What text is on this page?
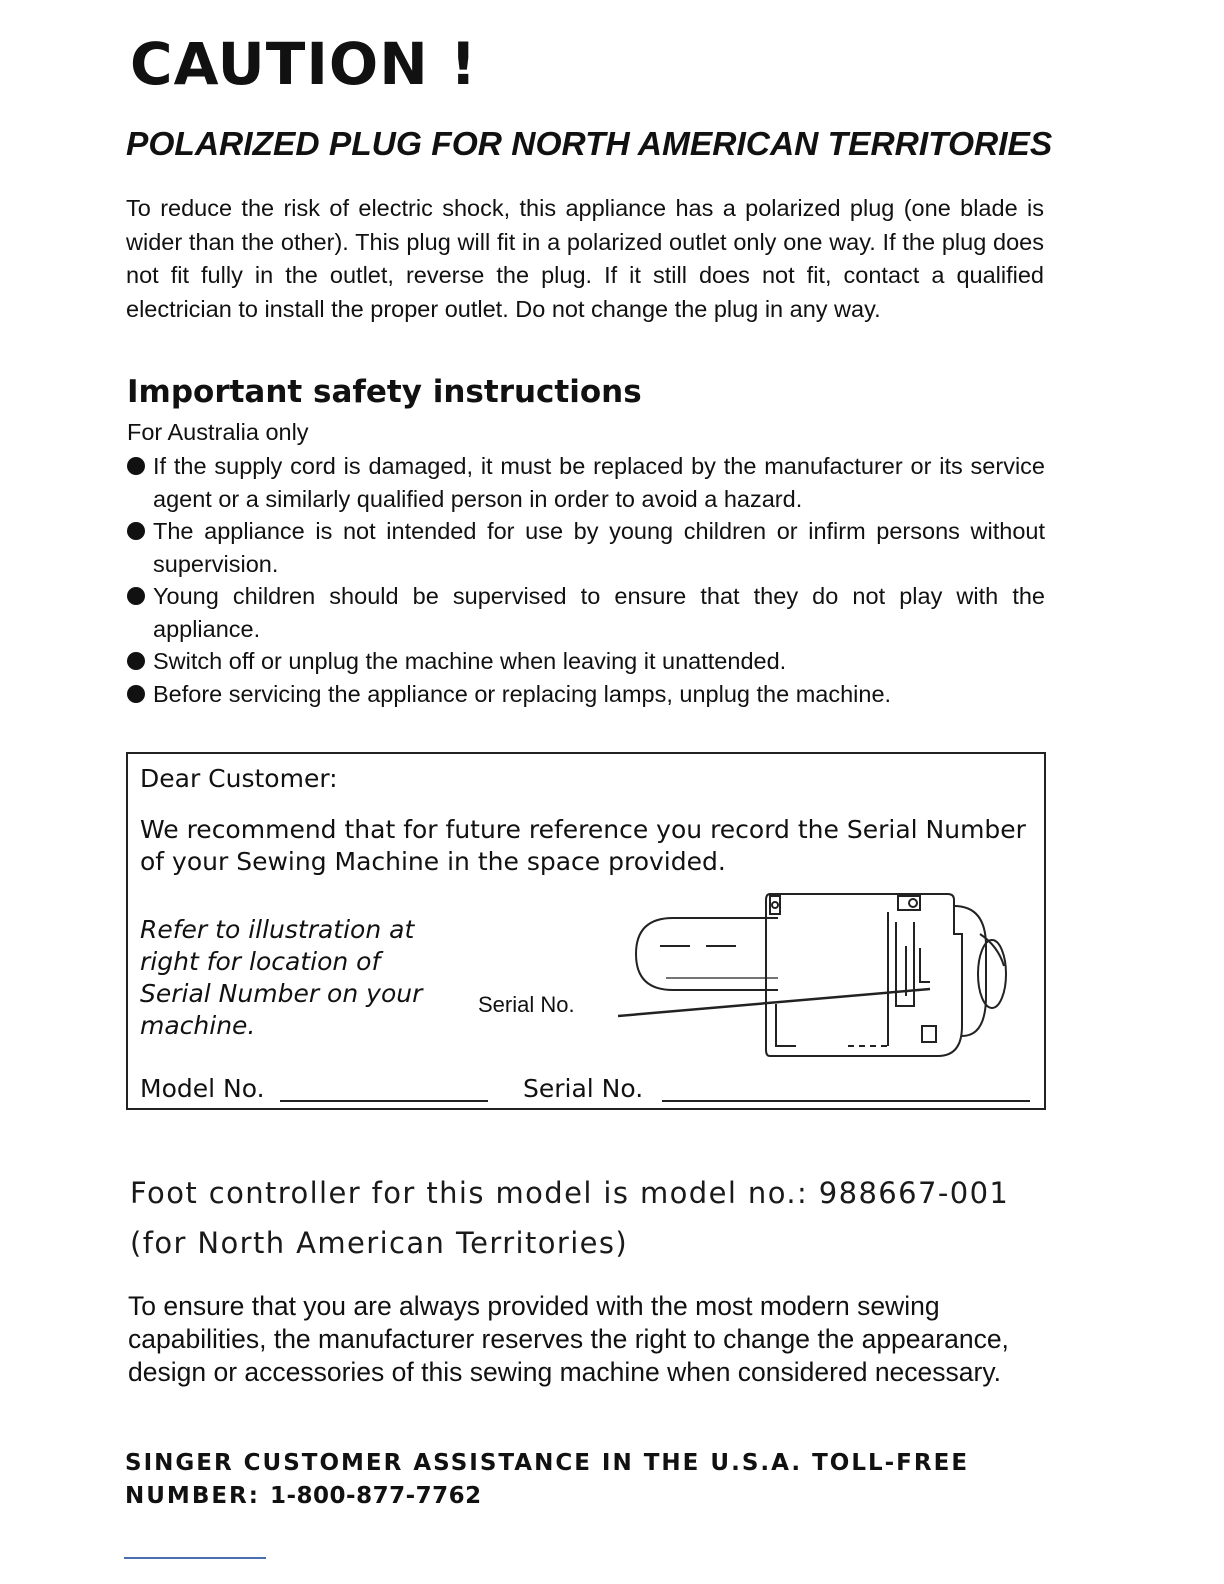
CAUTION !
POLARIZED PLUG FOR NORTH AMERICAN TERRITORIES

To reduce the risk of electric shock, this appliance has a polarized plug (one blade is wider than the other). This plug will fit in a polarized outlet only one way. If the plug does not fit fully in the outlet, reverse the plug. If it still does not fit, contact a qualified electrician to install the proper outlet. Do not change the plug in any way.

Important safety instructions

For Australia only

If the supply cord is damaged, it must be replaced by the manufacturer or its service agent or a similarly qualified person in order to avoid a hazard.
The appliance is not intended for use by young children or infirm persons without supervision.
Young children should be supervised to ensure that they do not play with the appliance.
Switch off or unplug the machine when leaving it unattended.
Before servicing the appliance or replacing lamps, unplug the machine.

Dear Customer:

We recommend that for future reference you record the Serial Number of your Sewing Machine in the space provided.

Refer to illustration at right for location of Serial Number on your machine.

Serial No.

Model No.	Serial No.

Foot controller for this model is model no.: 988667-001

(for North American Territories)

To ensure that you are always provided with the most modern sewing capabilities, the manufacturer reserves the right to change the appearance, design or accessories of this sewing machine when considered necessary.

SINGER CUSTOMER ASSISTANCE IN THE U.S.A. TOLL-FREE NUMBER: 1-800-877-7762
